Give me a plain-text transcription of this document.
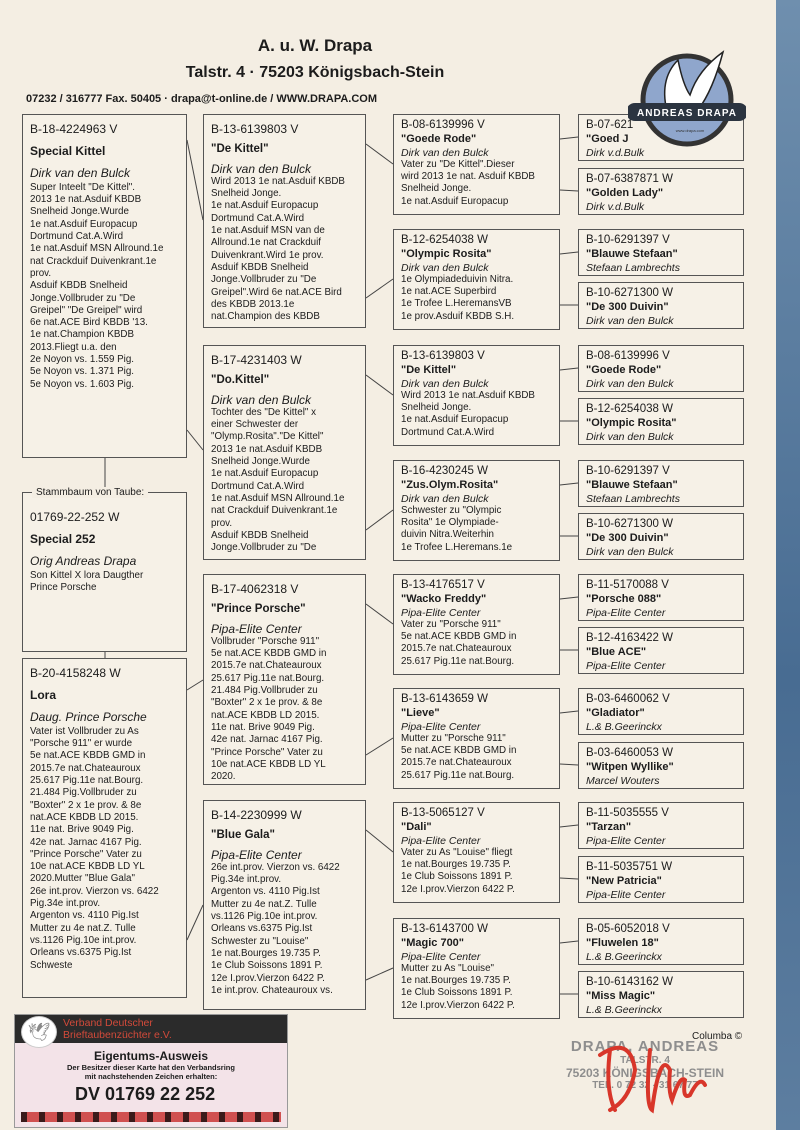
A. u. W. Drapa
Talstr. 4 · 75203 Königsbach-Stein
07232 / 316777 Fax. 50405 · drapa@t-online.de / WWW.DRAPA.COM
B-18-4224963 V
Special Kittel
Dirk van den Bulck
Super Inteelt "De Kittel".
2013 1e nat.Asduif KBDB
Snelheid Jonge.Wurde
1e nat.Asduif Europacup
Dortmund Cat.A.Wird
1e nat.Asduif MSN Allround.1e
nat Crackduif Duivenkrant.1e
prov.
Asduif KBDB Snelheid
Jonge.Vollbruder zu "De
Greipel" "De Greipel" wird
6e nat.ACE Bird KBDB '13.
1e nat.Champion KBDB
2013.Fliegt u.a. den
2e Noyon vs. 1.559 Pig.
5e Noyon vs. 1.371 Pig.
5e Noyon vs. 1.603 Pig.
B-20-4158248 W
Lora
Daug. Prince Porsche
Vater ist Vollbruder zu As
"Porsche 911" er wurde
5e nat.ACE KBDB GMD in
2015.7e nat.Chateauroux
25.617 Pig.11e nat.Bourg.
21.484 Pig.Vollbruder zu
"Boxter" 2 x 1e prov. & 8e
nat.ACE KBDB LD 2015.
11e nat. Brive 9049 Pig.
42e nat. Jarnac 4167 Pig.
"Prince Porsche" Vater zu
10e nat.ACE KBDB LD YL
2020.Mutter "Blue Gala"
26e int.prov. Vierzon vs. 6422
Pig.34e int.prov.
Argenton vs. 4110 Pig.Ist
Mutter zu 4e nat.Z. Tulle
vs.1126 Pig.10e int.prov.
Orleans vs.6375 Pig.Ist
Schweste
01769-22-252 W
Special 252
Orig Andreas Drapa
Son Kittel X lora Daugther
Prince Porsche
B-13-6139803 V
"De Kittel"
Dirk van den Bulck
Wird 2013 1e nat.Asduif KBDB
Snelheid Jonge.
1e nat.Asduif Europacup
Dortmund Cat.A.Wird
1e nat.Asduif MSN van de
Allround.1e nat Crackduif
Duivenkrant.Wird 1e prov.
Asduif KBDB Snelheid
Jonge.Vollbruder zu "De
Greipel".Wird 6e nat.ACE Bird
des KBDB 2013.1e
nat.Champion des KBDB
B-17-4231403 W
"Do.Kittel"
Dirk van den Bulck
Tochter des "De Kittel" x
einer Schwester der
"Olymp.Rosita"."De Kittel"
2013 1e nat.Asduif KBDB
Snelheid Jonge.Wurde
1e nat.Asduif Europacup
Dortmund Cat.A.Wird
1e nat.Asduif MSN Allround.1e
nat Crackduif Duivenkrant.1e
prov.
Asduif KBDB Snelheid
Jonge.Vollbruder zu "De
B-17-4062318 V
"Prince Porsche"
Pipa-Elite Center
Vollbruder "Porsche 911"
5e nat.ACE KBDB GMD in
2015.7e nat.Chateauroux
25.617 Pig.11e nat.Bourg.
21.484 Pig.Vollbruder zu
"Boxter" 2 x 1e prov. & 8e
nat.ACE KBDB LD 2015.
11e nat. Brive 9049 Pig.
42e nat. Jarnac 4167 Pig.
"Prince Porsche" Vater zu
10e nat.ACE KBDB LD YL
2020.
B-14-2230999 W
"Blue Gala"
Pipa-Elite Center
26e int.prov. Vierzon vs. 6422
Pig.34e int.prov.
Argenton vs. 4110 Pig.Ist
Mutter zu 4e nat.Z. Tulle
vs.1126 Pig.10e int.prov.
Orleans vs.6375 Pig.Ist
Schwester zu "Louise"
1e nat.Bourges 19.735 P.
1e Club Soissons 1891 P.
12e I.prov.Vierzon 6422 P.
1e int.prov. Chateauroux vs.
B-08-6139996 V
"Goede Rode"
Dirk van den Bulck
Vater zu "De Kittel".Dieser
wird 2013 1e nat. Asduif KBDB
Snelheid Jonge.
1e nat.Asduif Europacup
B-12-6254038 W
"Olympic Rosita"
Dirk van den Bulck
1e Olympiadeduivin Nitra.
1e nat.ACE Superbird
1e Trofee L.HeremansVB
1e prov.Asduif KBDB S.H.
B-13-6139803 V
"De Kittel"
Dirk van den Bulck
Wird 2013 1e nat.Asduif KBDB
Snelheid Jonge.
1e nat.Asduif Europacup
Dortmund Cat.A.Wird
B-16-4230245 W
"Zus.Olym.Rosita"
Dirk van den Bulck
Schwester zu "Olympic
Rosita" 1e Olympiade-
duivin Nitra.Weiterhin
1e Trofee L.Heremans.1e
B-13-4176517 V
"Wacko Freddy"
Pipa-Elite Center
Vater zu "Porsche 911"
5e nat.ACE KBDB GMD in
2015.7e nat.Chateauroux
25.617 Pig.11e nat.Bourg.
B-13-6143659 W
"Lieve"
Pipa-Elite Center
Mutter zu "Porsche 911"
5e nat.ACE KBDB GMD in
2015.7e nat.Chateauroux
25.617 Pig.11e nat.Bourg.
B-13-5065127 V
"Dali"
Pipa-Elite Center
Vater zu As "Louise" fliegt
1e nat.Bourges 19.735 P.
1e Club Soissons 1891 P.
12e I.prov.Vierzon 6422 P.
B-13-6143700 W
"Magic 700"
Pipa-Elite Center
Mutter zu As "Louise"
1e nat.Bourges 19.735 P.
1e Club Soissons 1891 P.
12e I.prov.Vierzon 6422 P.
B-07-621
"Goed J
Dirk v.d.Bulk
B-07-6387871 W
"Golden Lady"
Dirk v.d.Bulk
B-10-6291397 V
"Blauwe Stefaan"
Stefaan Lambrechts
B-10-6271300 W
"De 300 Duivin"
Dirk van den Bulck
B-08-6139996 V
"Goede Rode"
Dirk van den Bulck
B-12-6254038 W
"Olympic Rosita"
Dirk van den Bulck
B-10-6291397 V
"Blauwe Stefaan"
Stefaan Lambrechts
B-10-6271300 W
"De 300 Duivin"
Dirk van den Bulck
B-11-5170088 V
"Porsche 088"
Pipa-Elite Center
B-12-4163422 W
"Blue ACE"
Pipa-Elite Center
B-03-6460062 V
"Gladiator"
L.& B.Geerinckx
B-03-6460053 W
"Witpen Wyllike"
Marcel Wouters
B-11-5035555 V
"Tarzan"
Pipa-Elite Center
B-11-5035751 W
"New Patricia"
Pipa-Elite Center
B-05-6052018 V
"Fluwelen 18"
L.& B.Geerinckx
B-10-6143162 W
"Miss Magic"
L.& B.Geerinckx
Stammbaum von Taube:
ANDREAS DRAPA
www.drapa.com
Verband Deutscher
Brieftaubenzüchter e.V.
🕊
Eigentums-Ausweis
Der Besitzer dieser Karte hat den Verbandsring
mit nachstehenden Zeichen erhalten:
DV 01769 22 252
Columba ©
DRAPA, ANDREAS
TALSTR. 4
75203 KÖNIGSBACH-STEIN
TEL. 0 72 32 - 31 67 77
